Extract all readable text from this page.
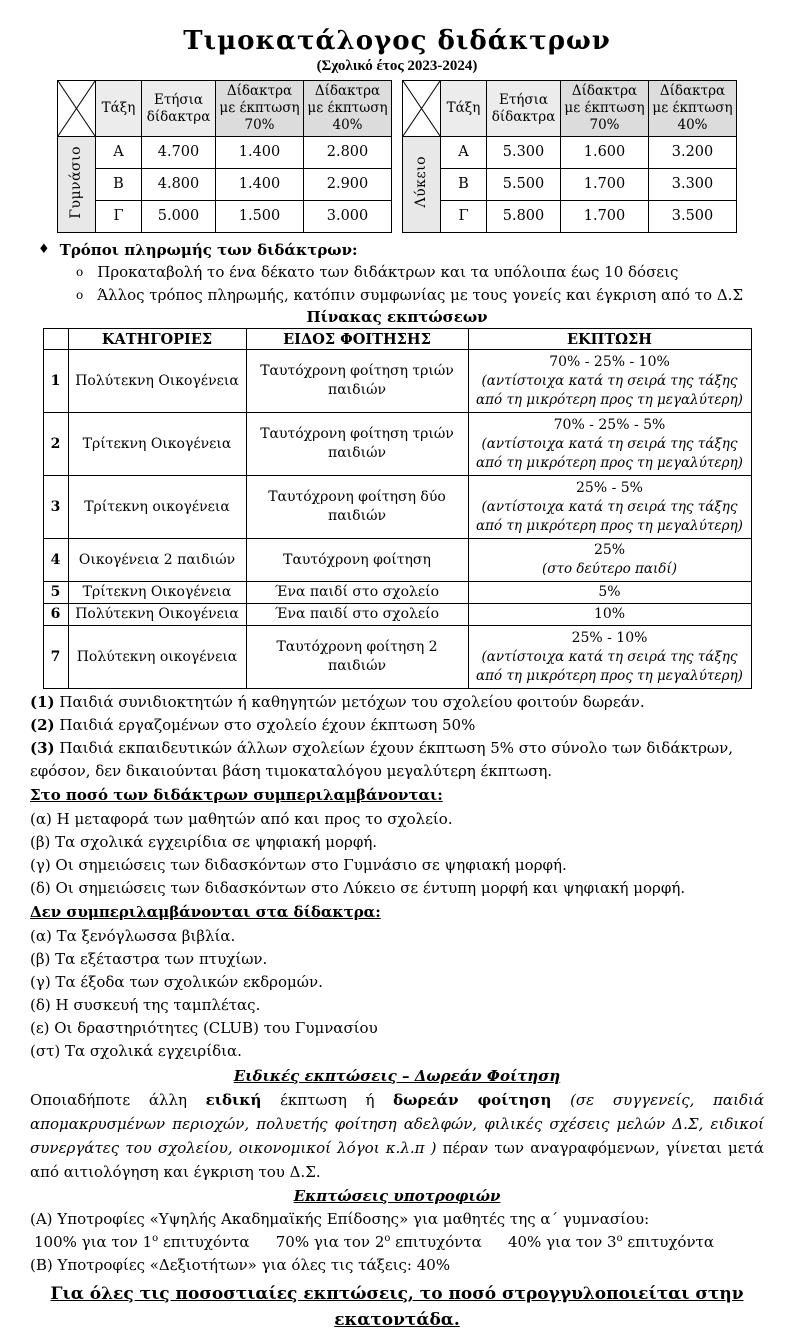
Τιμοκατάλογος διδάκτρων
(Σχολικό έτος 2023-2024)
	Τάξη	Ετήσια δίδακτρα	Δίδακτρα με έκπτωση 70%	Δίδακτρα με έκπτωση 40%
Γυμνάσιο	Α	4.700	1.400	2.800
	Β	4.800	1.400	2.900
	Γ	5.000	1.500	3.000
	Τάξη	Ετήσια δίδακτρα	Δίδακτρα με έκπτωση 70%	Δίδακτρα με έκπτωση 40%
Λύκειο	Α	5.300	1.600	3.200
	Β	5.500	1.700	3.300
	Γ	5.800	1.700	3.500
♦ Τρόποι πληρωμής των διδάκτρων:
o Προκαταβολή το ένα δέκατο των διδάκτρων και τα υπόλοιπα έως 10 δόσεις
o Άλλος τρόπος πληρωμής, κατόπιν συμφωνίας με τους γονείς και έγκριση από το Δ.Σ
Πίνακας εκπτώσεων
	ΚΑΤΗΓΟΡΙΕΣ	ΕΙΔΟΣ ΦΟΙΤΗΣΗΣ	ΕΚΠΤΩΣΗ
1	Πολύτεκνη Οικογένεια	Ταυτόχρονη φοίτηση τριών παιδιών	70% - 25% - 10%
(αντίστοιχα κατά τη σειρά της τάξης από τη μικρότερη προς τη μεγαλύτερη)

2	Τρίτεκνη Οικογένεια	Ταυτόχρονη φοίτηση τριών παιδιών	70% - 25% - 5%
(αντίστοιχα κατά τη σειρά της τάξης από τη μικρότερη προς τη μεγαλύτερη)

3	Τρίτεκνη οικογένεια	Ταυτόχρονη φοίτηση δύο παιδιών	25% - 5%
(αντίστοιχα κατά τη σειρά της τάξης από τη μικρότερη προς τη μεγαλύτερη)

4	Οικογένεια 2 παιδιών	Ταυτόχρονη φοίτηση	25%
(στο δεύτερο παιδί)

5	Τρίτεκνη Οικογένεια	Ένα παιδί στο σχολείο	5%
6	Πολύτεκνη Οικογένεια	Ένα παιδί στο σχολείο	10%
7	Πολύτεκνη οικογένεια	Ταυτόχρονη φοίτηση 2 παιδιών	25% - 10%
(αντίστοιχα κατά τη σειρά της τάξης από τη μικρότερη προς τη μεγαλύτερη)
(1) Παιδιά συνιδιοκτητών ή καθηγητών μετόχων του σχολείου φοιτούν δωρεάν.
(2) Παιδιά εργαζομένων στο σχολείο έχουν έκπτωση 50%
(3) Παιδιά εκπαιδευτικών άλλων σχολείων έχουν έκπτωση 5% στο σύνολο των διδάκτρων, εφόσον, δεν δικαιούνται βάση τιμοκαταλόγου μεγαλύτερη έκπτωση.
Στο ποσό των διδάκτρων συμπεριλαμβάνονται:
(α) Η μεταφορά των μαθητών από και προς το σχολείο.
(β) Τα σχολικά εγχειρίδια σε ψηφιακή μορφή.
(γ) Οι σημειώσεις των διδασκόντων στο Γυμνάσιο σε ψηφιακή μορφή.
(δ) Οι σημειώσεις των διδασκόντων στο Λύκειο σε έντυπη μορφή και ψηφιακή μορφή.
Δεν συμπεριλαμβάνονται στα δίδακτρα:
(α) Τα ξενόγλωσσα βιβλία.
(β) Τα εξέταστρα των πτυχίων.
(γ) Τα έξοδα των σχολικών εκδρομών.
(δ) Η συσκευή της ταμπλέτας.
(ε) Οι δραστηριότητες (CLUB) του Γυμνασίου
(στ) Τα σχολικά εγχειρίδια.
Ειδικές εκπτώσεις – Δωρεάν Φοίτηση
Οποιαδήποτε άλλη ειδική έκπτωση ή δωρεάν φοίτηση (σε συγγενείς, παιδιά απομακρυσμένων περιοχών, πολυετής φοίτηση αδελφών, φιλικές σχέσεις μελών Δ.Σ, ειδικοί συνεργάτες του σχολείου, οικονομικοί λόγοι κ.λ.π ) πέραν των αναγραφόμενων, γίνεται μετά από αιτιολόγηση και έγκριση του Δ.Σ.
Εκπτώσεις υποτροφιών
(Α) Υποτροφίες «Υψηλής Ακαδημαϊκής Επίδοσης» για μαθητές της α΄ γυμνασίου:
100% για τον $1^o$ επιτυχόντα 70% για τον $2^o$ επιτυχόντα 40% για τον $3^o$ επιτυχόντα
(Β) Υποτροφίες «Δεξιοτήτων» για όλες τις τάξεις: 40%
Για όλες τις ποσοστιαίες εκπτώσεις, το ποσό στρογγυλοποιείται στην εκατοντάδα.
